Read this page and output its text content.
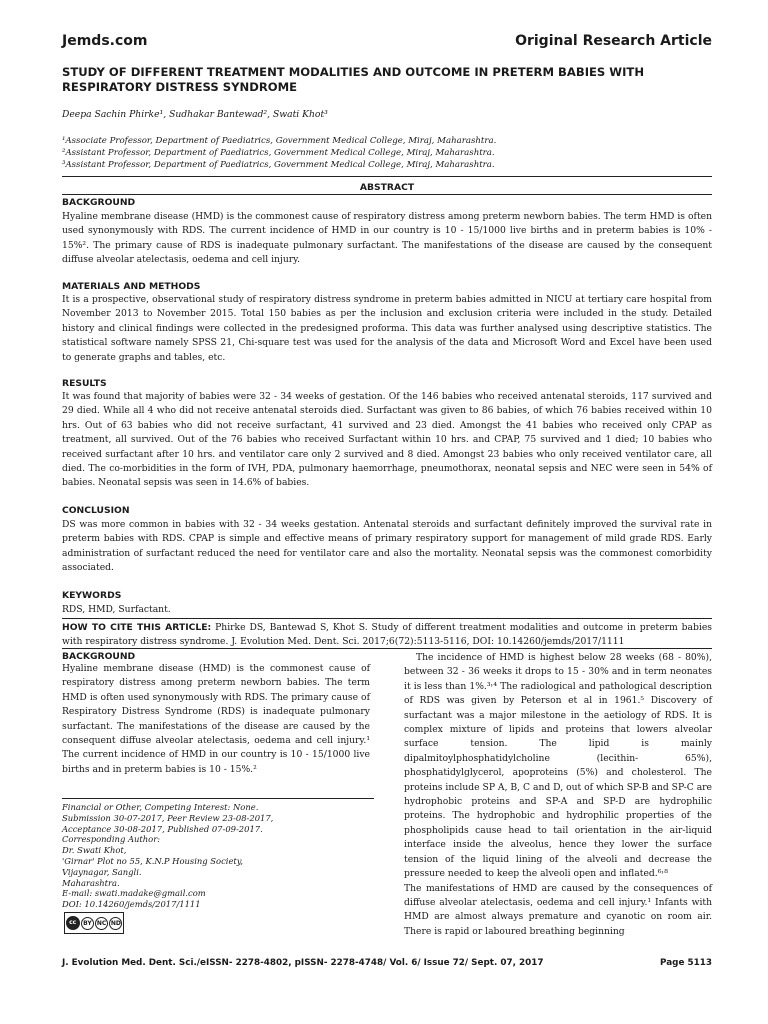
Jemds.com	Original Research Article
STUDY OF DIFFERENT TREATMENT MODALITIES AND OUTCOME IN PRETERM BABIES WITH RESPIRATORY DISTRESS SYNDROME
Deepa Sachin Phirke¹, Sudhakar Bantewad², Swati Khot³
¹Associate Professor, Department of Paediatrics, Government Medical College, Miraj, Maharashtra.
²Assistant Professor, Department of Paediatrics, Government Medical College, Miraj, Maharashtra.
³Assistant Professor, Department of Paediatrics, Government Medical College, Miraj, Maharashtra.
ABSTRACT
BACKGROUND

Hyaline membrane disease (HMD) is the commonest cause of respiratory distress among preterm newborn babies. The term HMD is often used synonymously with RDS. The current incidence of HMD in our country is 10 - 15/1000 live births and in preterm babies is 10% - 15%². The primary cause of RDS is inadequate pulmonary surfactant. The manifestations of the disease are caused by the consequent diffuse alveolar atelectasis, oedema and cell injury.

MATERIALS AND METHODS

It is a prospective, observational study of respiratory distress syndrome in preterm babies admitted in NICU at tertiary care hospital from November 2013 to November 2015. Total 150 babies as per the inclusion and exclusion criteria were included in the study. Detailed history and clinical findings were collected in the predesigned proforma. This data was further analysed using descriptive statistics. The statistical software namely SPSS 21, Chi-square test was used for the analysis of the data and Microsoft Word and Excel have been used to generate graphs and tables, etc.

RESULTS

It was found that majority of babies were 32 - 34 weeks of gestation. Of the 146 babies who received antenatal steroids, 117 survived and 29 died. While all 4 who did not receive antenatal steroids died. Surfactant was given to 86 babies, of which 76 babies received within 10 hrs. Out of 63 babies who did not receive surfactant, 41 survived and 23 died. Amongst the 41 babies who received only CPAP as treatment, all survived. Out of the 76 babies who received Surfactant within 10 hrs. and CPAP, 75 survived and 1 died; 10 babies who received surfactant after 10 hrs. and ventilator care only 2 survived and 8 died. Amongst 23 babies who only received ventilator care, all died. The co-morbidities in the form of IVH, PDA, pulmonary haemorrhage, pneumothorax, neonatal sepsis and NEC were seen in 54% of babies. Neonatal sepsis was seen in 14.6% of babies.

CONCLUSION

DS was more common in babies with 32 - 34 weeks gestation. Antenatal steroids and surfactant definitely improved the survival rate in preterm babies with RDS. CPAP is simple and effective means of primary respiratory support for management of mild grade RDS. Early administration of surfactant reduced the need for ventilator care and also the mortality. Neonatal sepsis was the commonest comorbidity associated.

KEYWORDS
RDS, HMD, Surfactant.
HOW TO CITE THIS ARTICLE: Phirke DS, Bantewad S, Khot S. Study of different treatment modalities and outcome in preterm babies with respiratory distress syndrome. J. Evolution Med. Dent. Sci. 2017;6(72):5113-5116, DOI: 10.14260/jemds/2017/1111
BACKGROUND

Hyaline membrane disease (HMD) is the commonest cause of respiratory distress among preterm newborn babies. The term HMD is often used synonymously with RDS. The primary cause of Respiratory Distress Syndrome (RDS) is inadequate pulmonary surfactant. The manifestations of the disease are caused by the consequent diffuse alveolar atelectasis, oedema and cell injury.¹ The current incidence of HMD in our country is 10 - 15/1000 live births and in preterm babies is 10 - 15%.²

Financial or Other, Competing Interest: None.
Submission 30-07-2017, Peer Review 23-08-2017,
Acceptance 30-08-2017, Published 07-09-2017.
Corresponding Author:
Dr. Swati Khot,
'Girnar' Plot no 55, K.N.P Housing Society,
Vijaynagar, Sangli.
Maharashtra.
E-mail: swati.madake@gmail.com
DOI: 10.14260/jemds/2017/1111
cc	BY NC ND

The incidence of HMD is highest below 28 weeks (68 - 80%), between 32 - 36 weeks it drops to 15 - 30% and in term neonates it is less than 1%.³˒⁴ The radiological and pathological description of RDS was given by Peterson et al in 1961.⁵ Discovery of surfactant was a major milestone in the aetiology of RDS. It is complex mixture of lipids and proteins that lowers alveolar surface tension. The lipid is mainly dipalmitoylphosphatidylcholine (lecithin- 65%), phosphatidylglycerol, apoproteins (5%) and cholesterol. The proteins include SP A, B, C and D, out of which SP-B and SP-C are hydrophobic proteins and SP-A and SP-D are hydrophilic proteins. The hydrophobic and hydrophilic properties of the phospholipids cause head to tail orientation in the air-liquid interface inside the alveolus, hence they lower the surface tension of the liquid lining of the alveoli and decrease the pressure needed to keep the alveoli open and inflated.⁶˒⁸

The manifestations of HMD are caused by the consequences of diffuse alveolar atelectasis, oedema and cell injury.¹ Infants with HMD are almost always premature and cyanotic on room air. There is rapid or laboured breathing beginning

J. Evolution Med. Dent. Sci./eISSN- 2278-4802, pISSN- 2278-4748/ Vol. 6/ Issue 72/ Sept. 07, 2017	Page 5113
